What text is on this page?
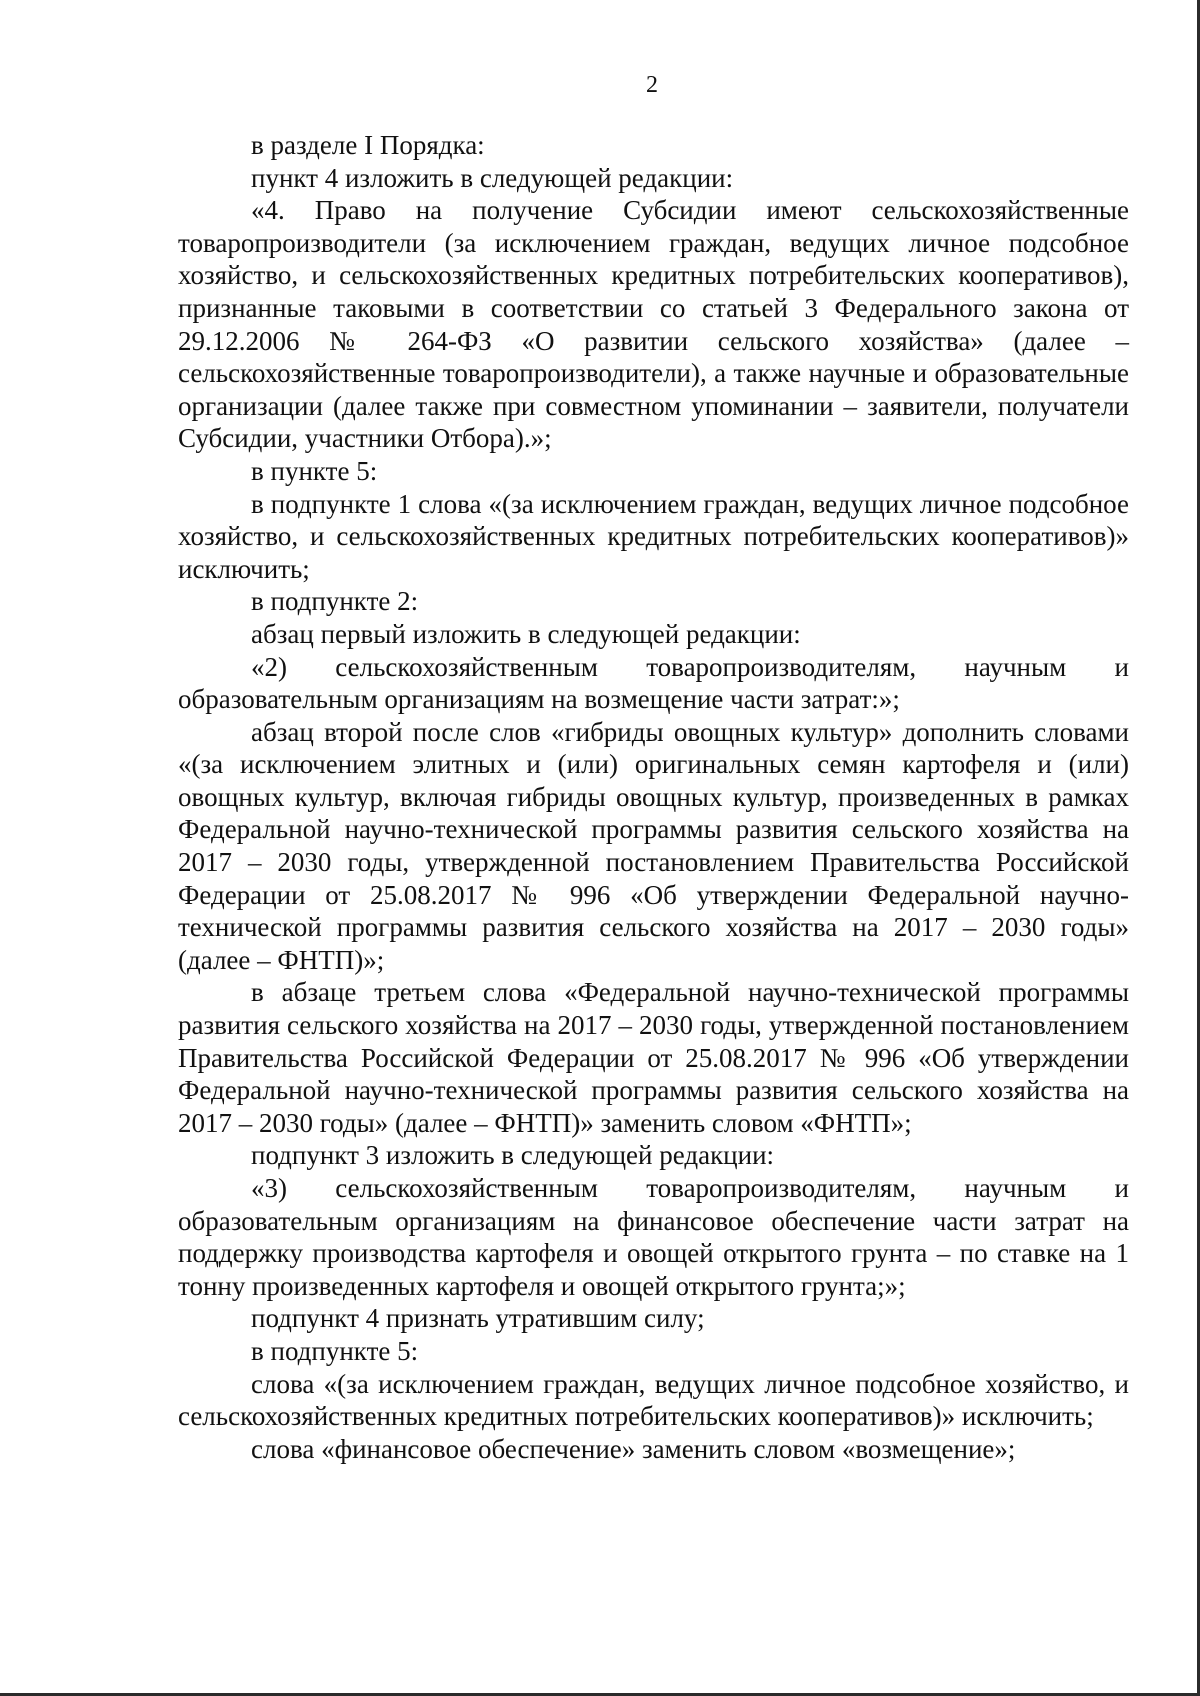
2

в разделе I Порядка:

пункт 4 изложить в следующей редакции:

«4. Право на получение Субсидии имеют сельскохозяйственные товаропроизводители (за исключением граждан, ведущих личное подсобное хозяйство, и сельскохозяйственных кредитных потребительских кооперативов), признанные таковыми в соответствии со статьей 3 Федерального закона от 29.12.2006 № 264-ФЗ «О развитии сельского хозяйства» (далее – сельскохозяйственные товаропроизводители), а также научные и образовательные организации (далее также при совместном упоминании – заявители, получатели Субсидии, участники Отбора).»;

в пункте 5:

в подпункте 1 слова «(за исключением граждан, ведущих личное подсобное хозяйство, и сельскохозяйственных кредитных потребительских кооперативов)» исключить;

в подпункте 2:

абзац первый изложить в следующей редакции:

«2) сельскохозяйственным товаропроизводителям, научным и образовательным организациям на возмещение части затрат:»;

абзац второй после слов «гибриды овощных культур» дополнить словами «(за исключением элитных и (или) оригинальных семян картофеля и (или) овощных культур, включая гибриды овощных культур, произведенных в рамках Федеральной научно-технической программы развития сельского хозяйства на 2017 – 2030 годы, утвержденной постановлением Правительства Российской Федерации от 25.08.2017 № 996 «Об утверждении Федеральной научно-технической программы развития сельского хозяйства на 2017 – 2030 годы» (далее – ФНТП)»;

в абзаце третьем слова «Федеральной научно-технической программы развития сельского хозяйства на 2017 – 2030 годы, утвержденной постановлением Правительства Российской Федерации от 25.08.2017 № 996 «Об утверждении Федеральной научно-технической программы развития сельского хозяйства на 2017 – 2030 годы» (далее – ФНТП)» заменить словом «ФНТП»;

подпункт 3 изложить в следующей редакции:

«3) сельскохозяйственным товаропроизводителям, научным и образовательным организациям на финансовое обеспечение части затрат на поддержку производства картофеля и овощей открытого грунта – по ставке на 1 тонну произведенных картофеля и овощей открытого грунта;»;

подпункт 4 признать утратившим силу;

в подпункте 5:

слова «(за исключением граждан, ведущих личное подсобное хозяйство, и сельскохозяйственных кредитных потребительских кооперативов)» исключить;

слова «финансовое обеспечение» заменить словом «возмещение»;
